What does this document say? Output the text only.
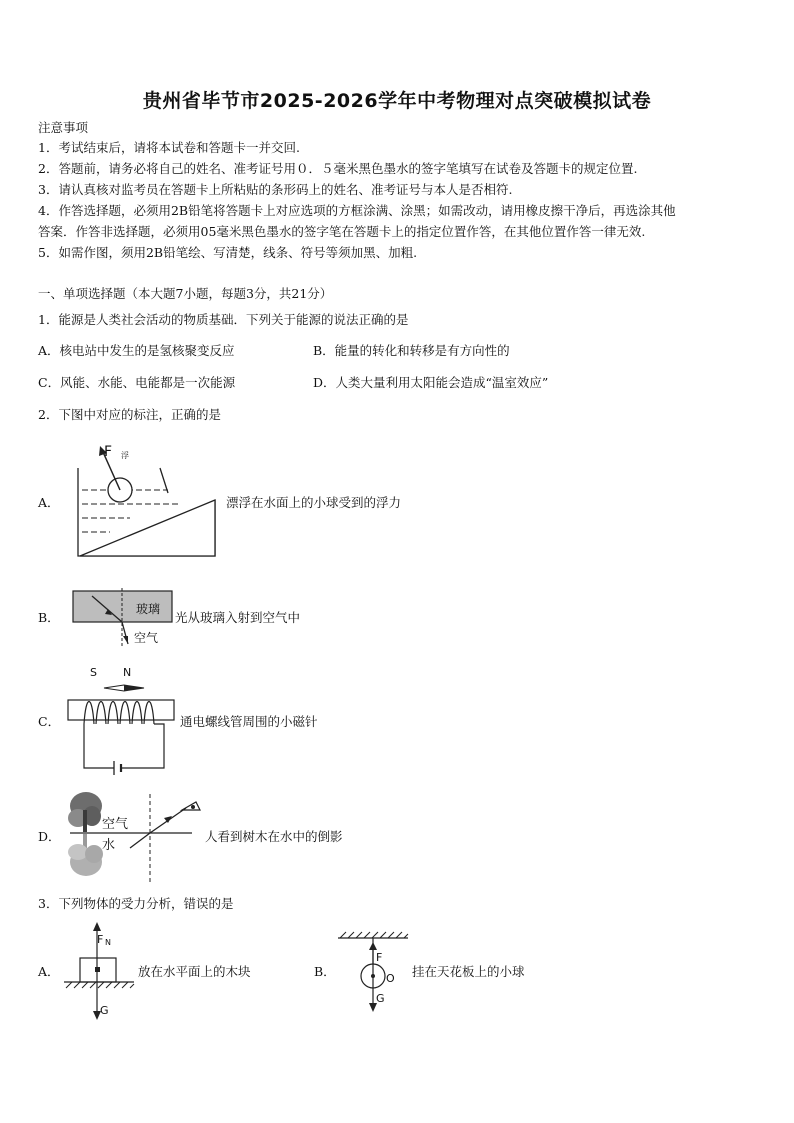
贵州省毕节市2025-2026学年中考物理对点突破模拟试卷
注意事项
1．考试结束后，请将本试卷和答题卡一并交回.
2．答题前，请务必将自己的姓名、准考证号用０．５毫米黑色墨水的签字笔填写在试卷及答题卡的规定位置.
3．请认真核对监考员在答题卡上所粘贴的条形码上的姓名、准考证号与本人是否相符.
4．作答选择题，必须用2B铅笔将答题卡上对应选项的方框涂满、涂黑；如需改动，请用橡皮擦干净后，再选涂其他
答案．作答非选择题，必须用05毫米黑色墨水的签字笔在答题卡上的指定位置作答，在其他位置作答一律无效.
5．如需作图，须用2B铅笔绘、写清楚，线条、符号等须加黑、加粗.
一、单项选择题（本大题7小题，每题3分，共21分）
1．能源是人类社会活动的物质基础．下列关于能源的说法正确的是
A．核电站中发生的是氢核聚变反应	B．能量的转化和转移是有方向性的
C．风能、水能、电能都是一次能源	D．人类大量利用太阳能会造成“温室效应”
2．下图中对应的标注，正确的是
A．
F 浮
漂浮在水面上的小球受到的浮力
B．
玻璃
空气
光从玻璃入射到空气中
C．
S N
通电螺线管周围的小磁针
D．
空气
水
人看到树木在水中的倒影
3．下列物体的受力分析，错误的是
A．
F N
G
放在水平面上的木块	B．
F
O
G
挂在天花板上的小球
